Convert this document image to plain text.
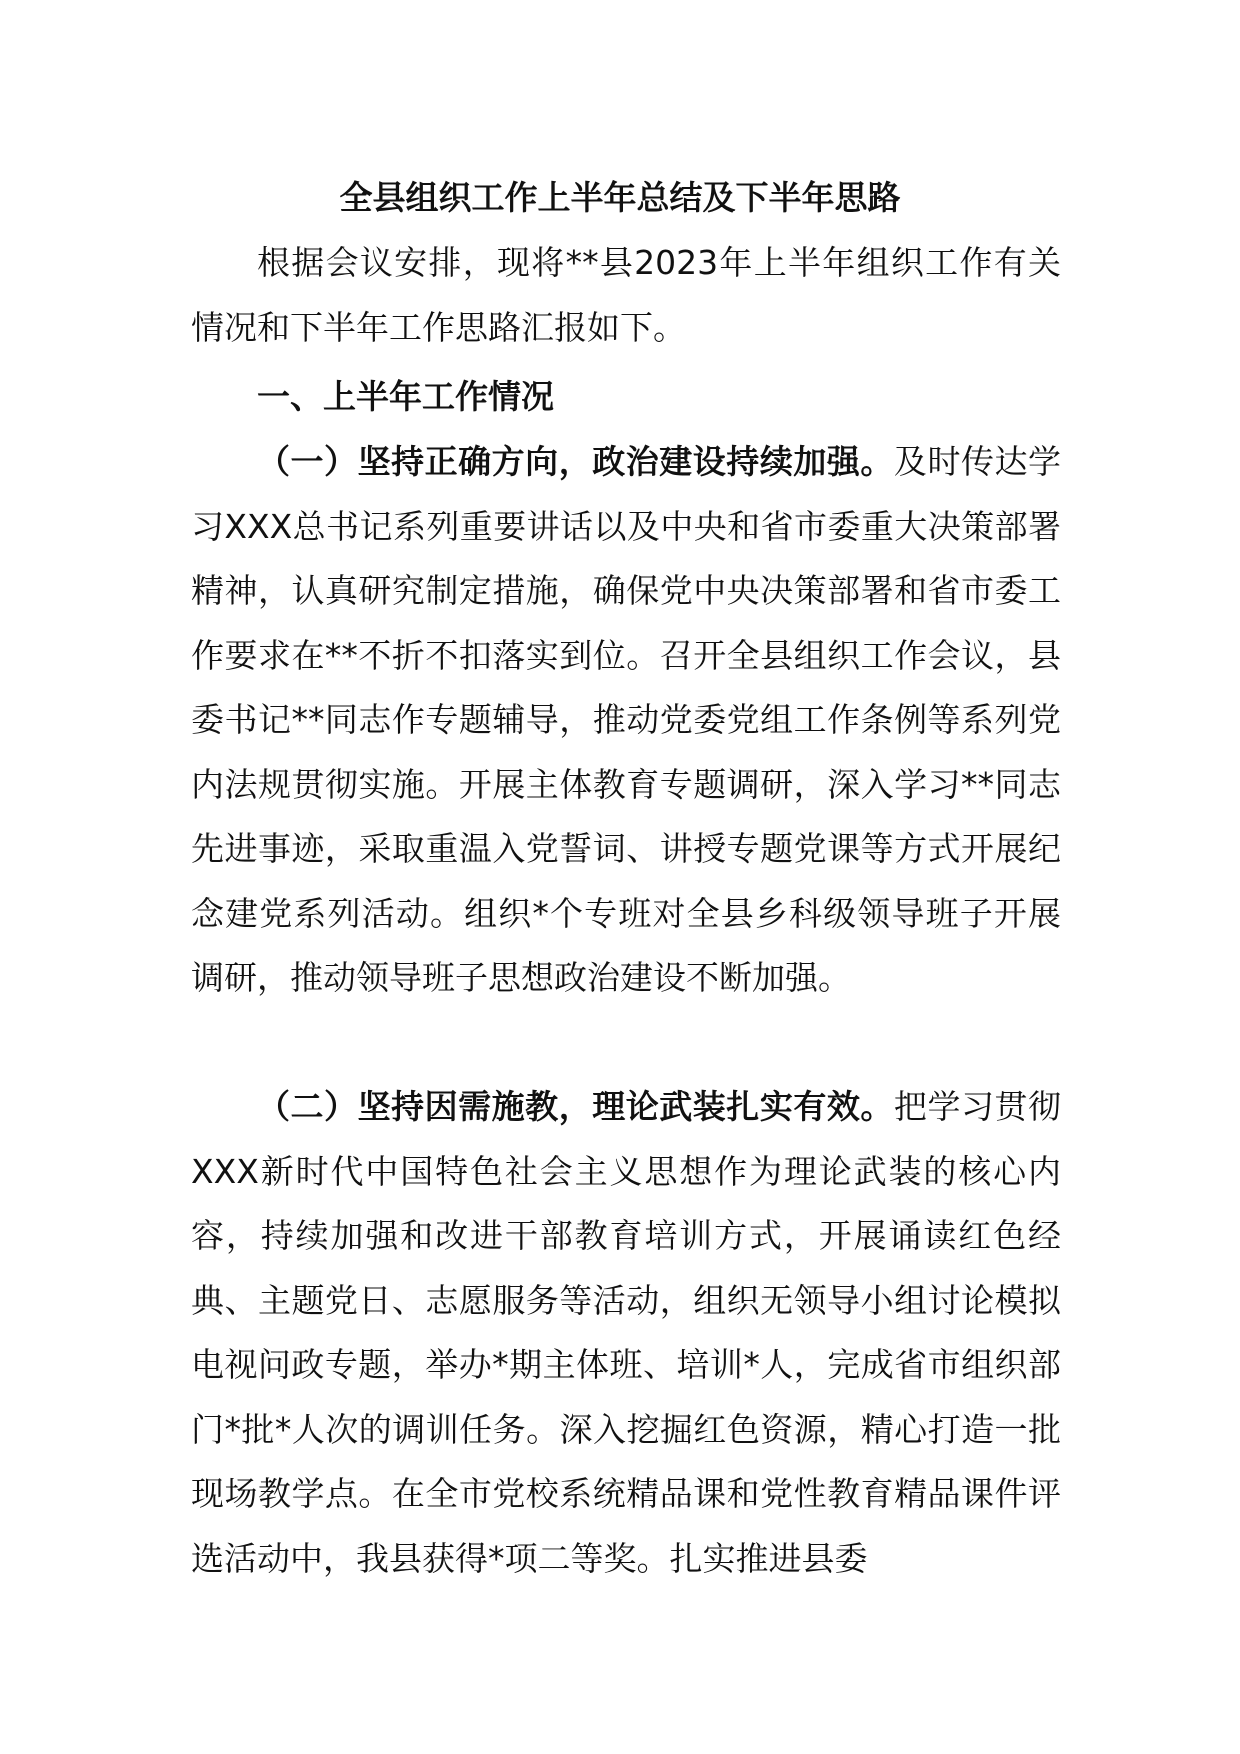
全县组织工作上半年总结及下半年思路

根据会议安排，现将**县2023年上半年组织工作有关情况和下半年工作思路汇报如下。

一、上半年工作情况

（一）坚持正确方向，政治建设持续加强。及时传达学习XXX总书记系列重要讲话以及中央和省市委重大决策部署精神，认真研究制定措施，确保党中央决策部署和省市委工作要求在**不折不扣落实到位。召开全县组织工作会议，县委书记**同志作专题辅导，推动党委党组工作条例等系列党内法规贯彻实施。开展主体教育专题调研，深入学习**同志先进事迹，采取重温入党誓词、讲授专题党课等方式开展纪念建党系列活动。组织*个专班对全县乡科级领导班子开展调研，推动领导班子思想政治建设不断加强。

（二）坚持因需施教，理论武装扎实有效。把学习贯彻XXX新时代中国特色社会主义思想作为理论武装的核心内容，持续加强和改进干部教育培训方式，开展诵读红色经典、主题党日、志愿服务等活动，组织无领导小组讨论模拟电视问政专题，举办*期主体班、培训*人，完成省市组织部门*批*人次的调训任务。深入挖掘红色资源，精心打造一批现场教学点。在全市党校系统精品课和党性教育精品课件评选活动中，我县获得*项二等奖。扎实推进县委
